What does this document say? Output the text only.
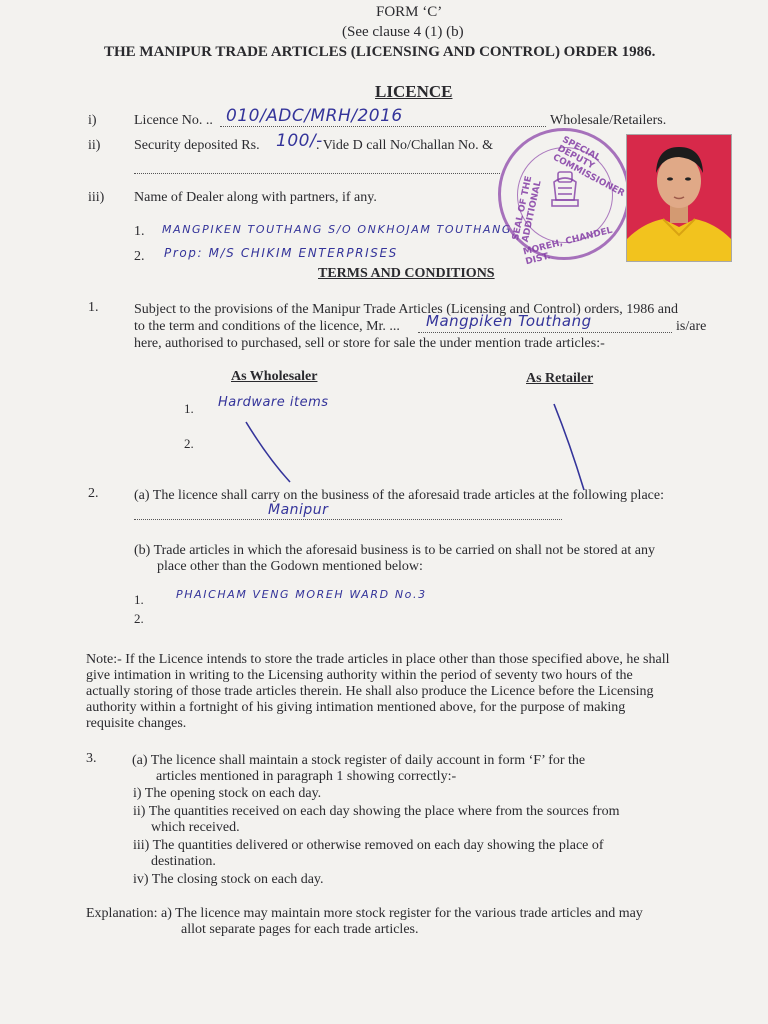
FORM ‘C’
(See clause 4 (1) (b)
THE MANIPUR TRADE ARTICLES (LICENSING AND CONTROL) ORDER 1986.
LICENCE
i)	Licence No. .. 010/ADC/MRH/2016	Wholesale/Retailers.
ii) Security deposited Rs. 100/-
. Vide D call No/Challan No. &
iii) Name of Dealer along with partners, if any.
1. MANGPIKEN TOUTHANG S/O ONKHOJAM TOUTHANG
2. Prop: M/S CHIKIM ENTERPRISES
SPECIAL DEPUTY COMMISSIONER
SEAL OF THE ADDITIONAL
MOREH, CHANDEL DIST.
TERMS AND CONDITIONS
1.	Subject to the provisions of the Manipur Trade Articles (Licensing and Control) orders, 1986 and
to the term and conditions of the licence, Mr. ... Mangpiken Touthang	is/are
here, authorised to purchased, sell or store for sale the under mention trade articles:-
As Wholesaler	As Retailer
1. Hardware items
2.
2.	(a) The licence shall carry on the business of the aforesaid trade articles at the following place:
Manipur
(b) Trade articles in which the aforesaid business is to be carried on shall not be stored at any
place other than the Godown mentioned below:
1.	PHAICHAM VENG MOREH WARD No.3
2.
Note:- If the Licence intends to store the trade articles in place other than those specified above, he shall
give intimation in writing to the Licensing authority within the period of seventy two hours of the
actually storing of those trade articles therein. He shall also produce the Licence before the Licensing
authority within a fortnight of his giving intimation mentioned above, for the purpose of making
requisite changes.
3.	(a) The licence shall maintain a stock register of daily account in form ‘F’ for the
articles mentioned in paragraph 1 showing correctly:-
i) The opening stock on each day.
ii) The quantities received on each day showing the place where from the sources from
which received.
iii) The quantities delivered or otherwise removed on each day showing the place of
destination.
iv) The closing stock on each day.
Explanation: a) The licence may maintain more stock register for the various trade articles and may
allot separate pages for each trade articles.
